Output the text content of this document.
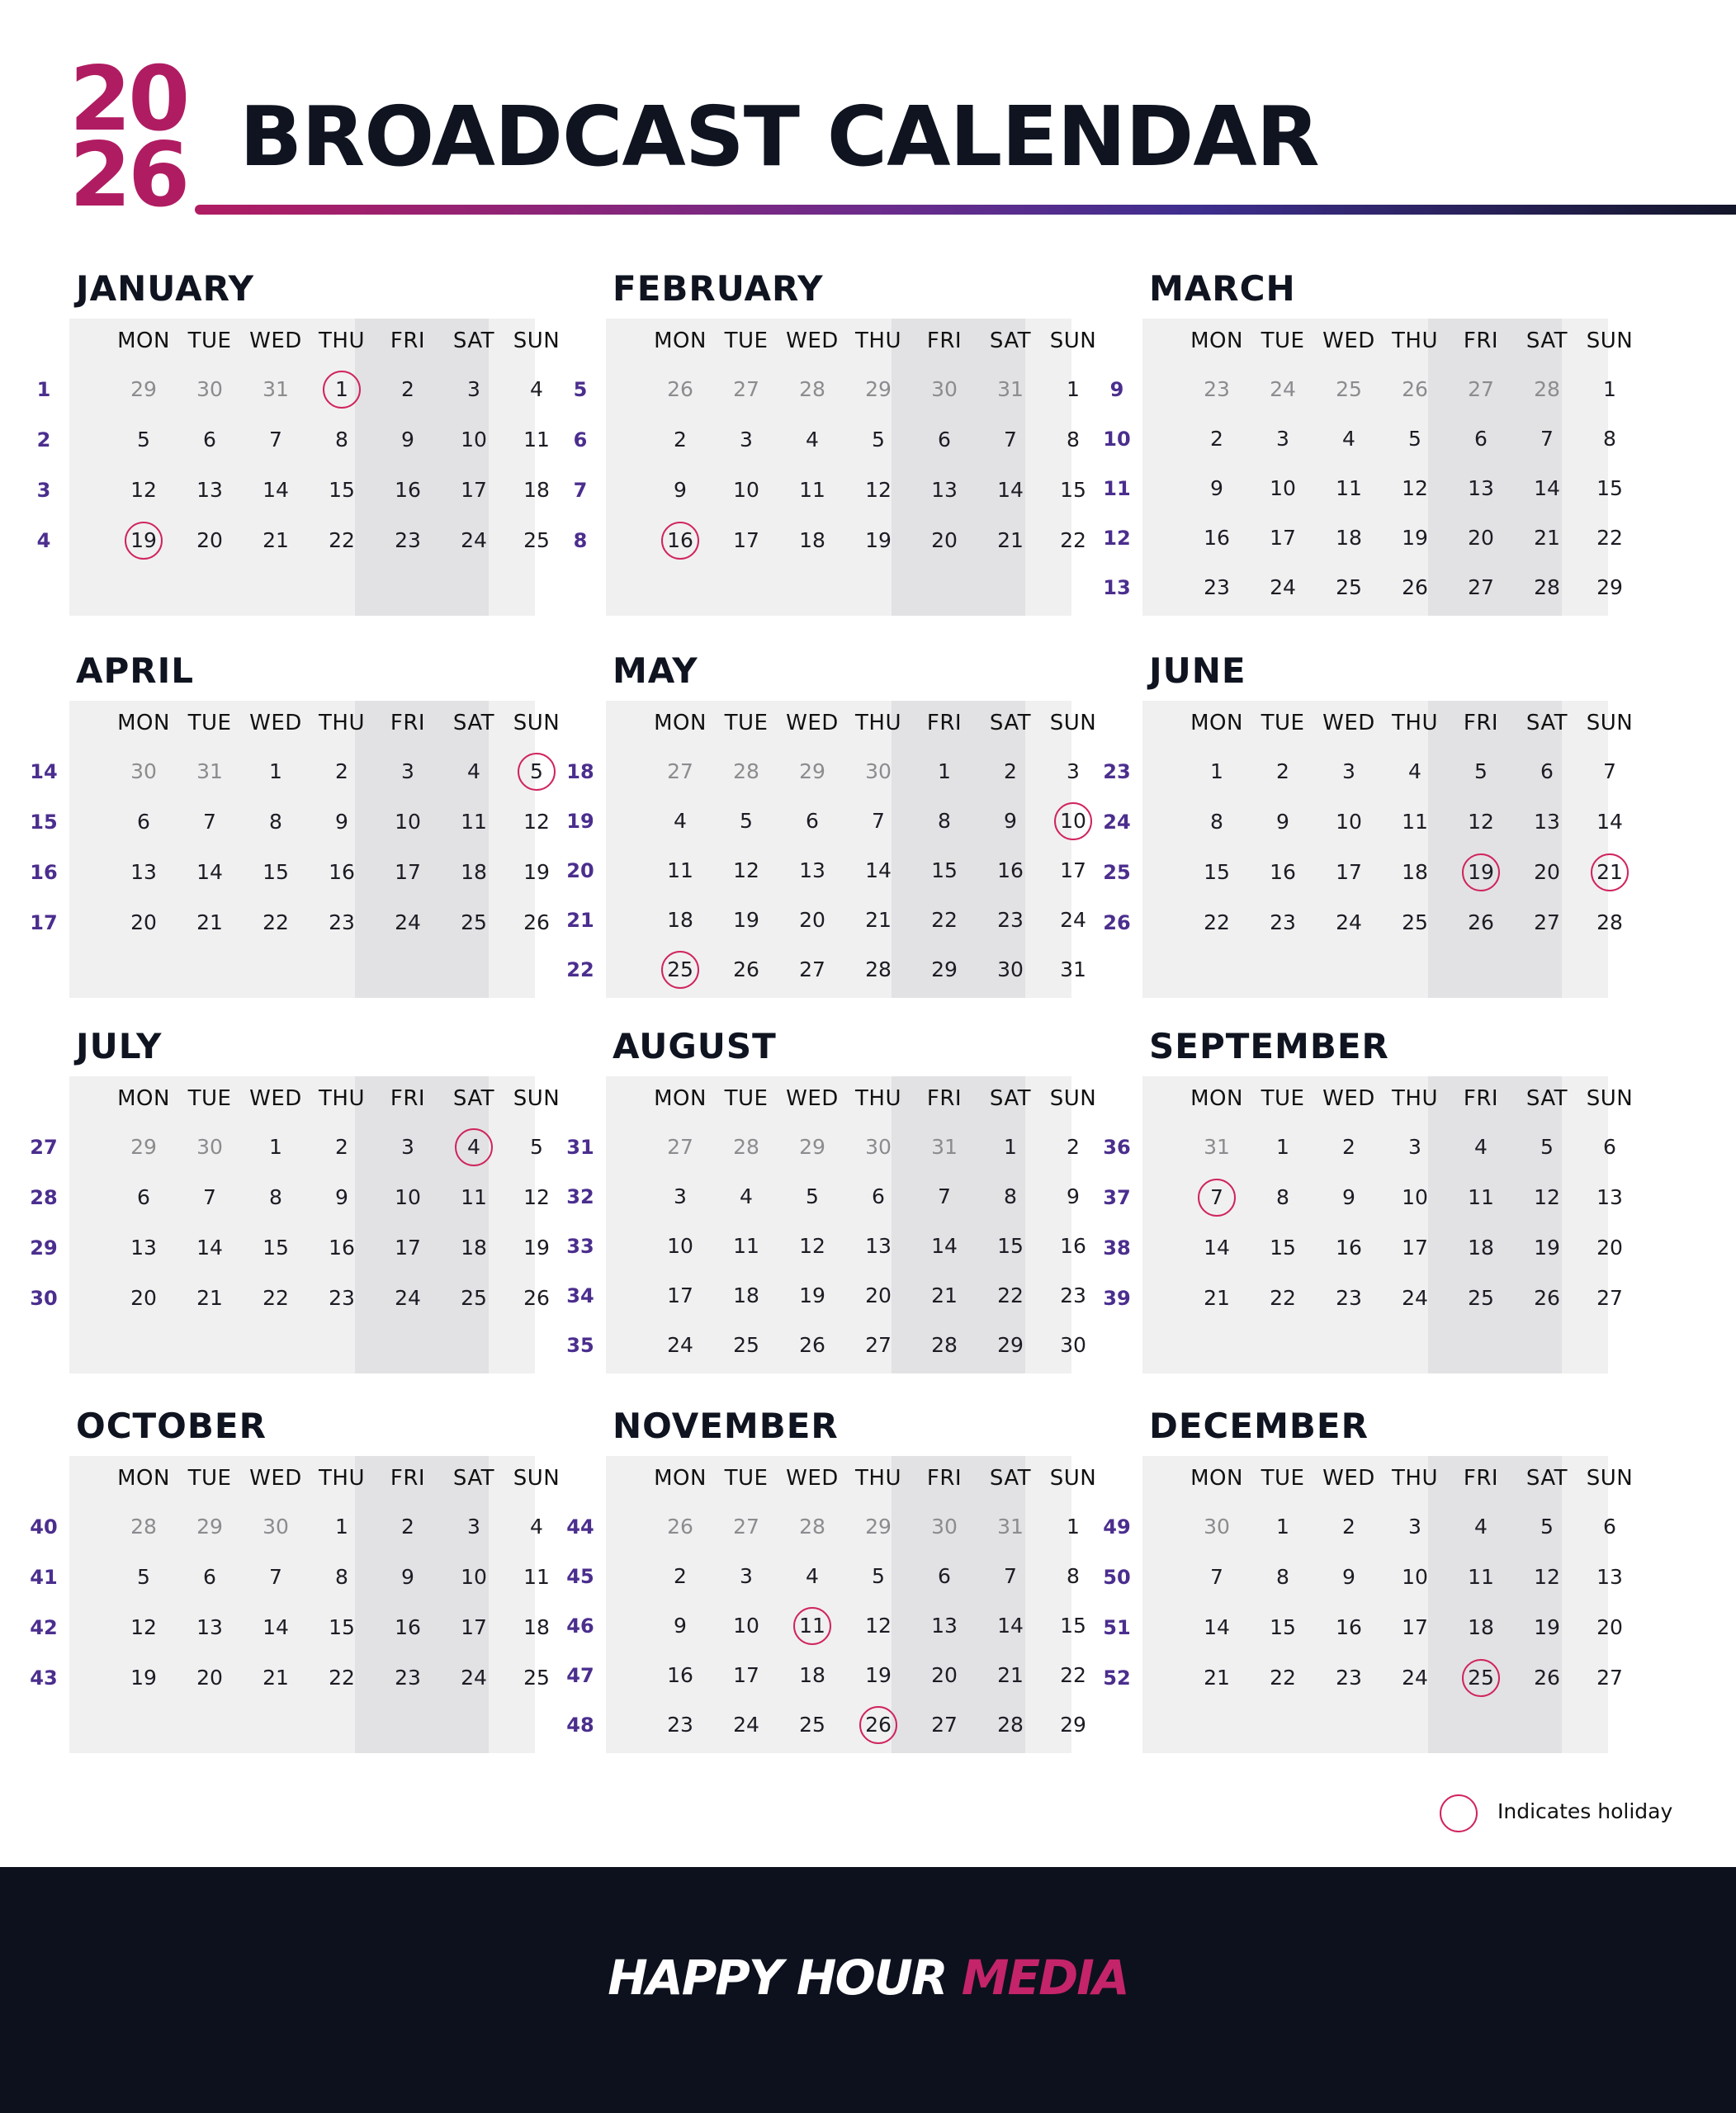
20
26 BROADCAST CALENDAR
JANUARY
MON TUE WED THU	FRI	SAT SUN
1	29	30	31	1	2	3	4
2	5	6	7	8	9	10	11
3	12	13	14	15	16	17	18
4	19	20	21	22	23	24	25
FEBRUARY
MON TUE WED THU	FRI	SAT SUN
5	26	27	28	29	30	31	1
6	2	3	4	5	6	7	8
7	9	10	11	12	13	14	15
8	16	17	18	19	20	21	22
MARCH
MON TUE WED THU	FRI	SAT SUN
9	23	24	25	26	27	28	1
10	2	3	4	5	6	7	8
11	9	10	11	12	13	14	15
12	16	17	18	19	20	21	22
13	23	24	25	26	27	28	29
APRIL
MON TUE WED THU	FRI	SAT SUN
14	30	31	1	2	3	4	5
15	6	7	8	9	10	11	12
16	13	14	15	16	17	18	19
17	20	21	22	23	24	25	26
MAY
MON TUE WED THU	FRI	SAT SUN
18	27	28	29	30	1	2	3
19	4	5	6	7	8	9	10
20	11	12	13	14	15	16	17
21	18	19	20	21	22	23	24
22	25	26	27	28	29	30	31
JUNE
MON TUE WED THU	FRI	SAT SUN
23	1	2	3	4	5	6	7
24	8	9	10	11	12	13	14
25	15	16	17	18	19	20	21
26	22	23	24	25	26	27	28
JULY
MON TUE WED THU	FRI	SAT SUN
27	29	30	1	2	3	4	5
28	6	7	8	9	10	11	12
29	13	14	15	16	17	18	19
30	20	21	22	23	24	25	26
AUGUST
MON TUE WED THU	FRI	SAT SUN
31	27	28	29	30	31	1	2
32	3	4	5	6	7	8	9
33	10	11	12	13	14	15	16
34	17	18	19	20	21	22	23
35	24	25	26	27	28	29	30
SEPTEMBER
MON TUE WED THU	FRI	SAT SUN
36	31	1	2	3	4	5	6
37	7	8	9	10	11	12	13
38	14	15	16	17	18	19	20
39	21	22	23	24	25	26	27
OCTOBER
MON TUE WED THU	FRI	SAT SUN
40	28	29	30	1	2	3	4
41	5	6	7	8	9	10	11
42	12	13	14	15	16	17	18
43	19	20	21	22	23	24	25
NOVEMBER
MON TUE WED THU	FRI	SAT SUN
44	26	27	28	29	30	31	1
45	2	3	4	5	6	7	8
46	9	10	11	12	13	14	15
47	16	17	18	19	20	21	22
48	23	24	25	26	27	28	29
DECEMBER
MON TUE WED THU	FRI	SAT SUN
49	30	1	2	3	4	5	6
50	7	8	9	10	11	12	13
51	14	15	16	17	18	19	20
52	21	22	23	24	25	26	27
Indicates holiday
HAPPY HOUR MEDIA
